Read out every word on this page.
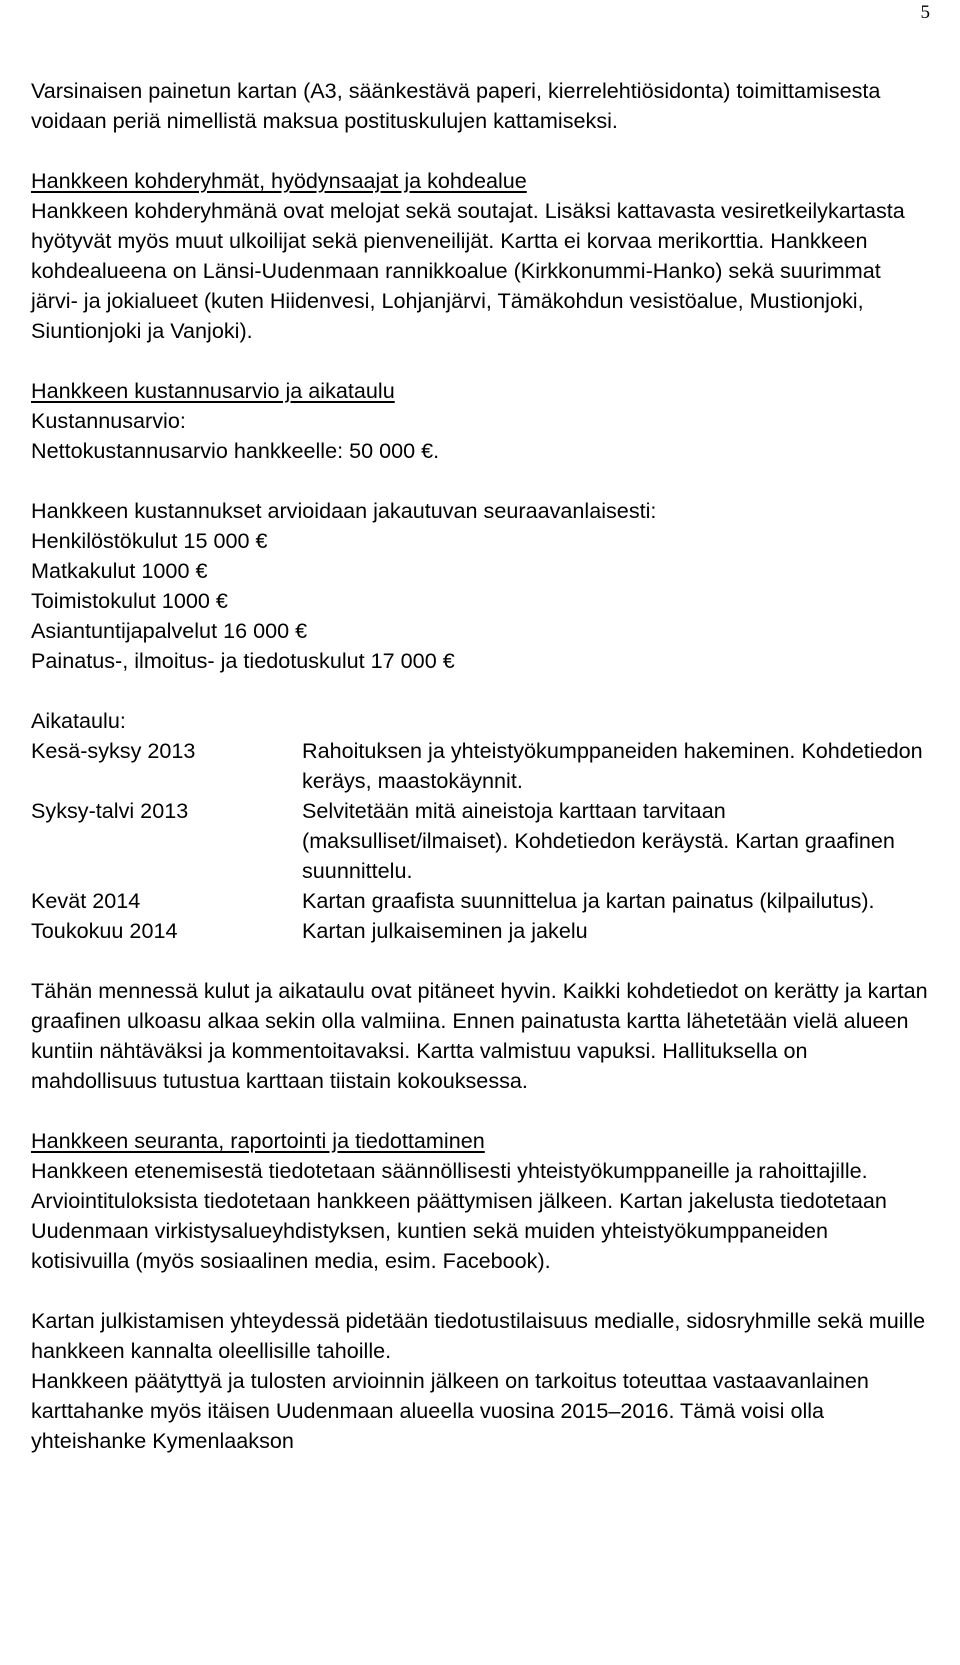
5

Varsinaisen painetun kartan (A3, säänkestävä paperi, kierrelehtiösidonta) toimittamisesta voidaan periä nimellistä maksua postituskulujen kattamiseksi.

Hankkeen kohderyhmät, hyödynsaajat ja kohdealue

Hankkeen kohderyhmänä ovat melojat sekä soutajat. Lisäksi kattavasta vesiretkeilykartasta hyötyvät myös muut ulkoilijat sekä pienveneilijät. Kartta ei korvaa merikorttia. Hankkeen kohdealueena on Länsi-Uudenmaan rannikkoalue (Kirkkonummi-Hanko) sekä suurimmat järvi- ja jokialueet (kuten Hiidenvesi, Lohjanjärvi, Tämäkohdun vesistöalue, Mustionjoki, Siuntionjoki ja Vanjoki).

Hankkeen kustannusarvio ja aikataulu

Kustannusarvio:

Nettokustannusarvio hankkeelle: 50 000 €.

Hankkeen kustannukset arvioidaan jakautuvan seuraavanlaisesti:

Henkilöstökulut 15 000 €

Matkakulut 1000 €

Toimistokulut 1000 €

Asiantuntijapalvelut 16 000 €

Painatus-, ilmoitus- ja tiedotuskulut 17 000 €

Aikataulu:

Kesä-syksy 2013	Rahoituksen ja yhteistyökumppaneiden hakeminen. Kohdetiedon keräys, maastokäynnit.
Syksy-talvi 2013	Selvitetään mitä aineistoja karttaan tarvitaan (maksulliset/ilmaiset). Kohdetiedon keräystä. Kartan graafinen suunnittelu.
Kevät 2014	Kartan graafista suunnittelua ja kartan painatus (kilpailutus).
Toukokuu 2014	Kartan julkaiseminen ja jakelu

Tähän mennessä kulut ja aikataulu ovat pitäneet hyvin. Kaikki kohdetiedot on kerätty ja kartan graafinen ulkoasu alkaa sekin olla valmiina. Ennen painatusta kartta lähetetään vielä alueen kuntiin nähtäväksi ja kommentoitavaksi. Kartta valmistuu vapuksi. Hallituksella on mahdollisuus tutustua karttaan tiistain kokouksessa.

Hankkeen seuranta, raportointi ja tiedottaminen

Hankkeen etenemisestä tiedotetaan säännöllisesti yhteistyökumppaneille ja rahoittajille. Arviointituloksista tiedotetaan hankkeen päättymisen jälkeen. Kartan jakelusta tiedotetaan Uudenmaan virkistysalueyhdistyksen, kuntien sekä muiden yhteistyökumppaneiden kotisivuilla (myös sosiaalinen media, esim. Facebook).

Kartan julkistamisen yhteydessä pidetään tiedotustilaisuus medialle, sidosryhmille sekä muille hankkeen kannalta oleellisille tahoille.

Hankkeen päätyttyä ja tulosten arvioinnin jälkeen on tarkoitus toteuttaa vastaavanlainen karttahanke myös itäisen Uudenmaan alueella vuosina 2015–2016. Tämä voisi olla yhteishanke Kymenlaakson
